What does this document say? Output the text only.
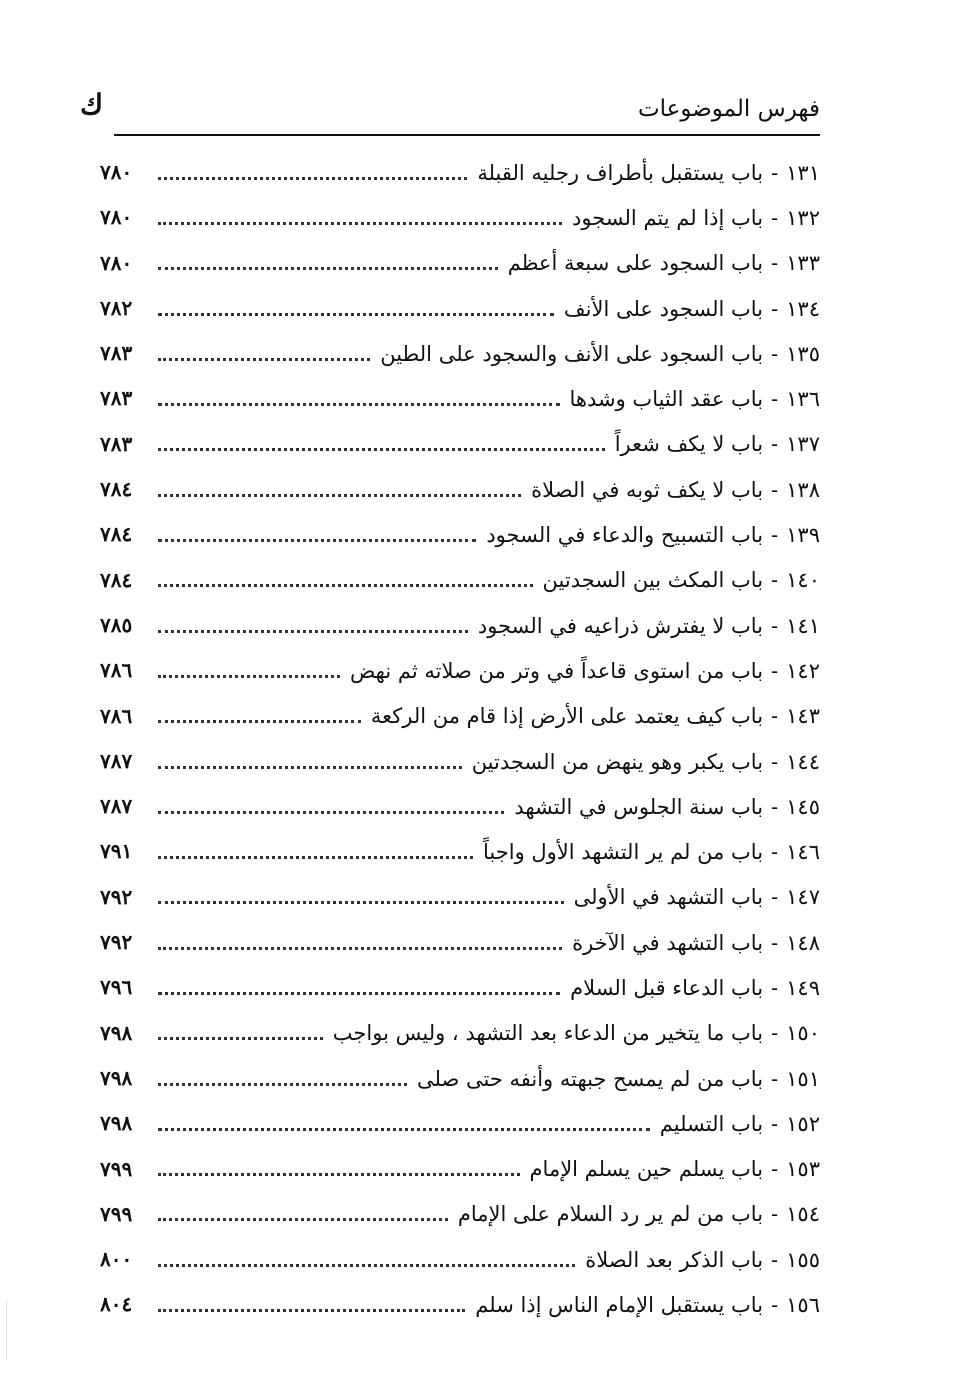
فهرس الموضوعات
ك
١٣١
-
باب يستقبل بأطراف رجليه القبلة
٧٨٠
١٣٢
-
باب إذا لم يتم السجود
٧٨٠
١٣٣
-
باب السجود على سبعة أعظم
٧٨٠
١٣٤
-
باب السجود على الأنف
٧٨٢
١٣٥
-
باب السجود على الأنف والسجود على الطين
٧٨٣
١٣٦
-
باب عقد الثياب وشدها
٧٨٣
١٣٧
-
باب لا يكف شعراً
٧٨٣
١٣٨
-
باب لا يكف ثوبه في الصلاة
٧٨٤
١٣٩
-
باب التسبيح والدعاء في السجود
٧٨٤
١٤٠
-
باب المكث بين السجدتين
٧٨٤
١٤١
-
باب لا يفترش ذراعيه في السجود
٧٨٥
١٤٢
-
باب من استوى قاعداً في وتر من صلاته ثم نهض
٧٨٦
١٤٣
-
باب كيف يعتمد على الأرض إذا قام من الركعة
٧٨٦
١٤٤
-
باب يكبر وهو ينهض من السجدتين
٧٨٧
١٤٥
-
باب سنة الجلوس في التشهد
٧٨٧
١٤٦
-
باب من لم ير التشهد الأول واجباً
٧٩١
١٤٧
-
باب التشهد في الأولى
٧٩٢
١٤٨
-
باب التشهد في الآخرة
٧٩٢
١٤٩
-
باب الدعاء قبل السلام
٧٩٦
١٥٠
-
باب ما يتخير من الدعاء بعد التشهد ، وليس بواجب
٧٩٨
١٥١
-
باب من لم يمسح جبهته وأنفه حتى صلى
٧٩٨
١٥٢
-
باب التسليم
٧٩٨
١٥٣
-
باب يسلم حين يسلم الإمام
٧٩٩
١٥٤
-
باب من لم ير رد السلام على الإمام
٧٩٩
١٥٥
-
باب الذكر بعد الصلاة
٨٠٠
١٥٦
-
باب يستقبل الإمام الناس إذا سلم
٨٠٤
